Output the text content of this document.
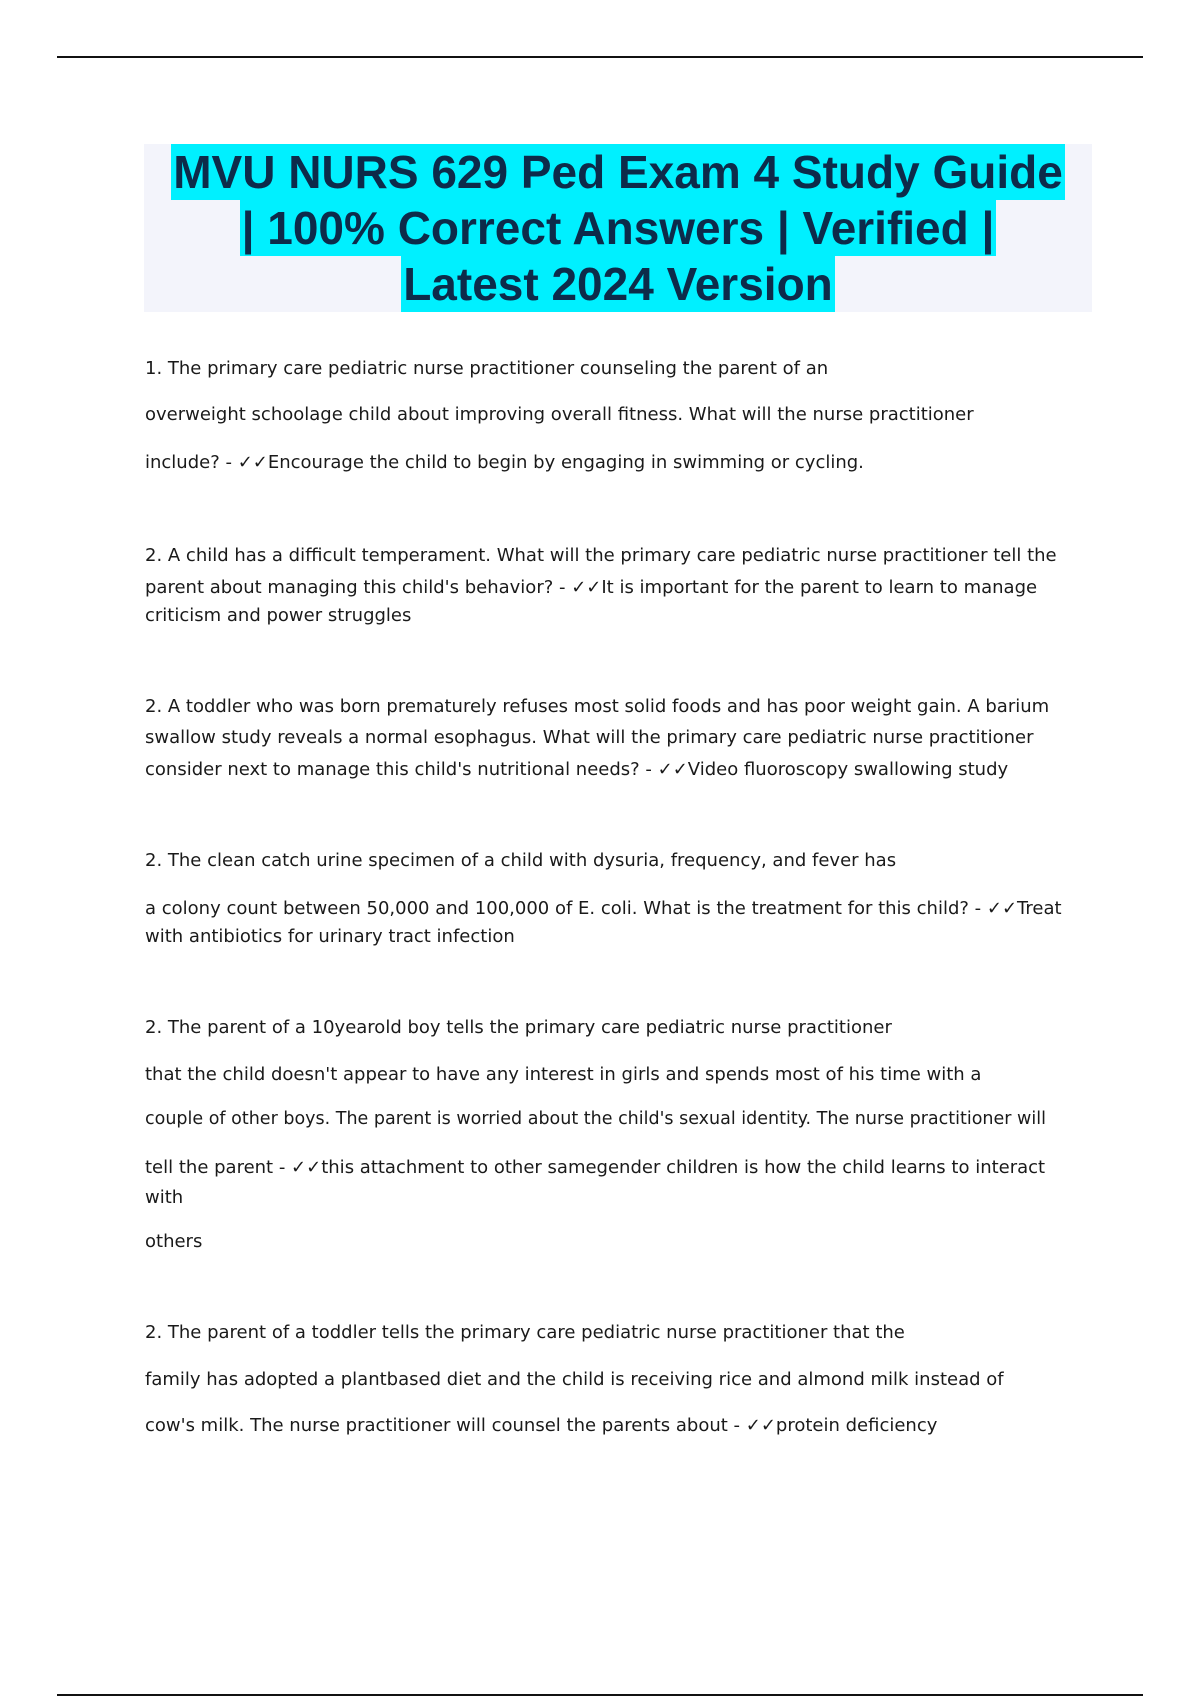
MVU NURS 629 Ped Exam 4 Study Guide
| 100% Correct Answers | Verified |
Latest 2024 Version
1. The primary care pediatric nurse practitioner counseling the parent of an
overweight schoolage child about improving overall fitness. What will the nurse practitioner
include? - ✓✓Encourage the child to begin by engaging in swimming or cycling.
2. A child has a difficult temperament. What will the primary care pediatric nurse practitioner tell the
parent about managing this child's behavior? - ✓✓It is important for the parent to learn to manage
criticism and power struggles
2. A toddler who was born prematurely refuses most solid foods and has poor weight gain. A barium
swallow study reveals a normal esophagus. What will the primary care pediatric nurse practitioner
consider next to manage this child's nutritional needs? - ✓✓Video fluoroscopy swallowing study
2. The clean catch urine specimen of a child with dysuria, frequency, and fever has
a colony count between 50,000 and 100,000 of E. coli. What is the treatment for this child? - ✓✓Treat
with antibiotics for urinary tract infection
2. The parent of a 10yearold boy tells the primary care pediatric nurse practitioner
that the child doesn't appear to have any interest in girls and spends most of his time with a
couple of other boys. The parent is worried about the child's sexual identity. The nurse practitioner will
tell the parent - ✓✓this attachment to other samegender children is how the child learns to interact
with
others
2. The parent of a toddler tells the primary care pediatric nurse practitioner that the
family has adopted a plantbased diet and the child is receiving rice and almond milk instead of
cow's milk. The nurse practitioner will counsel the parents about - ✓✓protein deficiency
